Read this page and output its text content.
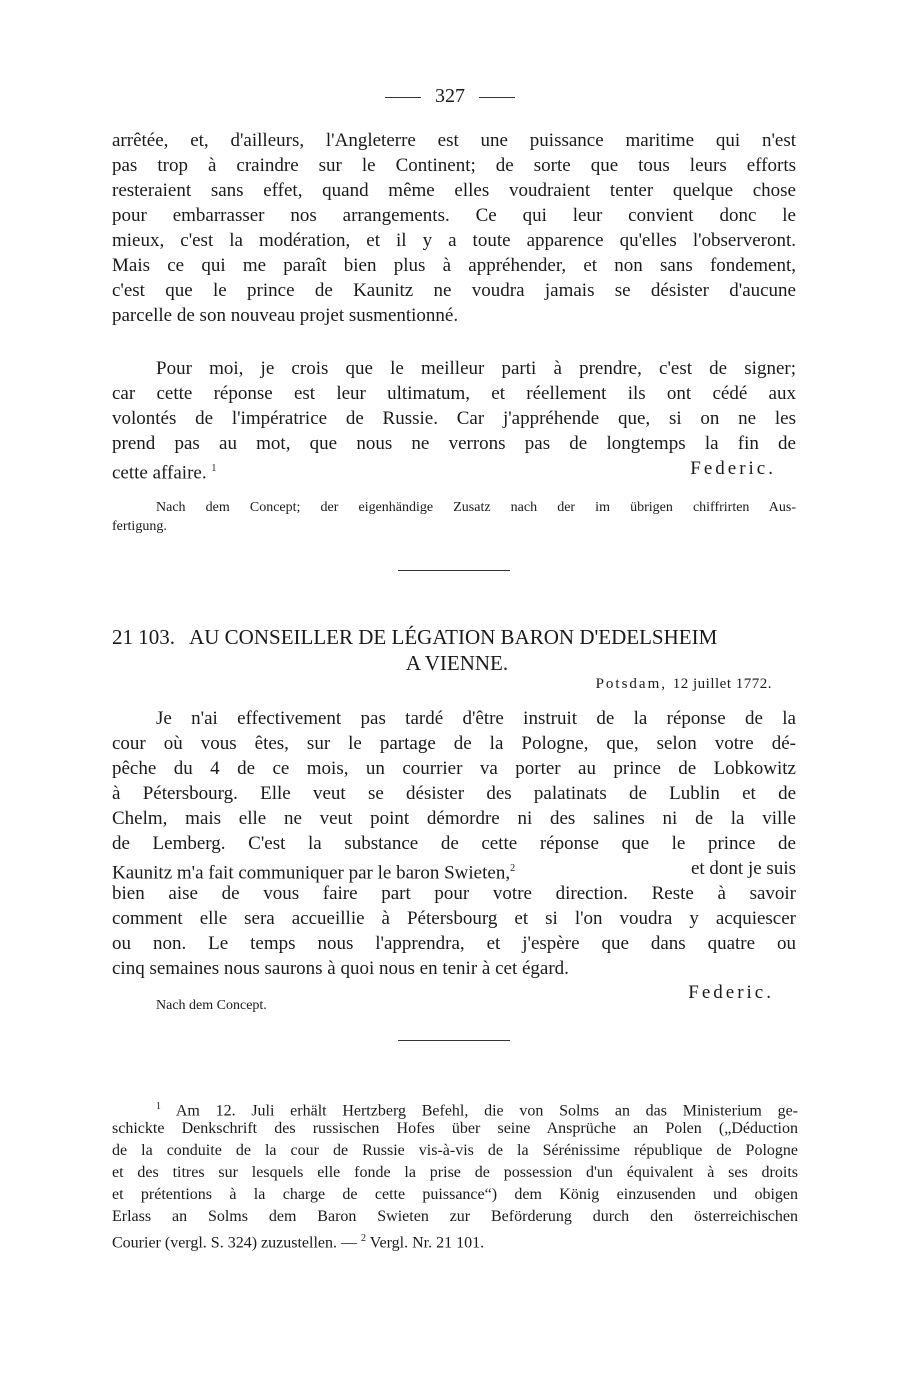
327
arrêtée, et, d'ailleurs, l'Angleterre est une puissance maritime qui n'est
pas trop à craindre sur le Continent; de sorte que tous leurs efforts
resteraient sans effet, quand même elles voudraient tenter quelque chose
pour embarrasser nos arrangements. Ce qui leur convient donc le
mieux, c'est la modération, et il y a toute apparence qu'elles l'observeront.
Mais ce qui me paraît bien plus à appréhender, et non sans fondement,
c'est que le prince de Kaunitz ne voudra jamais se désister d'aucune
parcelle de son nouveau projet susmentionné.
Pour moi, je crois que le meilleur parti à prendre, c'est de signer;
car cette réponse est leur ultimatum, et réellement ils ont cédé aux
volontés de l'impératrice de Russie. Car j'appréhende que, si on ne les
prend pas au mot, que nous ne verrons pas de longtemps la fin de
cette affaire. $^1$	Federic.
Nach dem Concept; der eigenhändige Zusatz nach der im übrigen chiffrirten Aus-
fertigung.
21 103. AU CONSEILLER DE LÉGATION BARON D'EDELSHEIM
A VIENNE.
Potsdam, 12 juillet 1772.
Je n'ai effectivement pas tardé d'être instruit de la réponse de la
cour où vous êtes, sur le partage de la Pologne, que, selon votre dé-
pêche du 4 de ce mois, un courrier va porter au prince de Lobkowitz
à Pétersbourg. Elle veut se désister des palatinats de Lublin et de
Chelm, mais elle ne veut point démordre ni des salines ni de la ville
de Lemberg. C'est la substance de cette réponse que le prince de
Kaunitz m'a fait communiquer par le baron Swieten,$^2$	et dont je suis
bien aise de vous faire part pour votre direction. Reste à savoir
comment elle sera accueillie à Pétersbourg et si l'on voudra y acquiescer
ou non. Le temps nous l'apprendra, et j'espère que dans quatre ou
cinq semaines nous saurons à quoi nous en tenir à cet égard.
Federic.
Nach dem Concept.
$^1$ Am 12. Juli erhält Hertzberg Befehl, die von Solms an das Ministerium ge-
schickte Denkschrift des russischen Hofes über seine Ansprüche an Polen („Déduction
de la conduite de la cour de Russie vis-à-vis de la Sérénissime république de Pologne
et des titres sur lesquels elle fonde la prise de possession d'un équivalent à ses droits
et prétentions à la charge de cette puissance“) dem König einzusenden und obigen
Erlass an Solms dem Baron Swieten zur Beförderung durch den österreichischen
Courier (vergl. S. 324) zuzustellen. — $^2$ Vergl. Nr. 21 101.
